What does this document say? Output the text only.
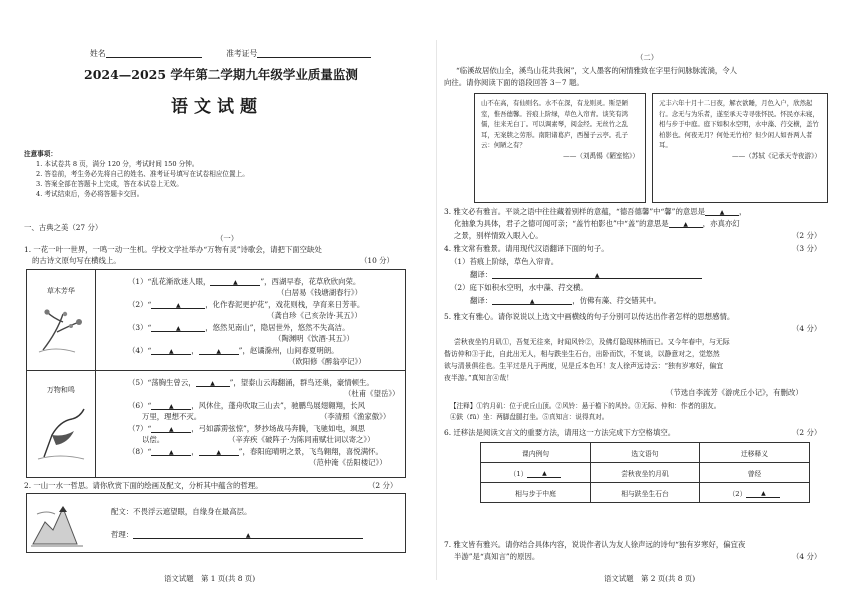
姓名	准考证号
2024—2025 学年第二学期九年级学业质量监测
语文试题
注意事项：
1. 本试卷共 8 页，满分 120 分，考试时间 150 分钟。
2. 答卷前，考生务必先将自己的姓名、准考证号填写在试卷相应位置上。
3. 答案全部在答题卡上完成，答在本试卷上无效。
4. 考试结束后，务必将答题卡交回。
一、古典之美（27 分）
（一）
1. 一花一叶一世界，一鸣一动一生机。学校文学社举办“万物有灵”诗歌会，请把下面空缺处
的古诗文原句写在横线上。	（10 分）
草木芳华	

万物和鸣	

（1）“乱花渐欲迷人眼，	▲	”，西湖早春，花草欣欣向荣。
（白居易《钱塘湖春行》）
（2）“	▲	，化作春泥更护花”，戏花则栈，孕育来日芳菲。
（龚自珍《己亥杂诗·其五》）
（3）“	▲	，悠然见南山”，隐居世外，悠然不失高洁。
（陶渊明《饮酒·其五》）
（4）“	▲ ，	▲ ”，赵谲滁州，山间春夏明朗。
（欧阳修《醉翁亭记》）
（5）“荡胸生曾云， ▲ ”，望泰山云海翻涌，群鸟还巢，豪情顿生。
（杜甫《望岳》）
（6）“	▲ ，风休住，蓬舟吹取三山去”，驰鹏鸟展翅翱翔，长风
万里，理想不灭。	（李清照《渔家傲》）
（7）“	▲ ，弓如霹雳弦惊”，梦抄场战马奔腾，飞驰如电，飒思
以偿。	（辛弃疾《破阵子·为陈同甫赋壮词以寄之》）
（8）“	▲ ，	▲ ”，春阳庭晴明之景，飞鸟翱翔，喜悦满怀。
（范仲淹《岳阳楼记》）
2. 一山一水一哲思。请你欣赏下面的绘画及配文，分析其中蕴含的哲理。	（2 分）
配文：不畏浮云遮望眼，自缘身在最高层。
哲理：	▲
语文试题　第 1 页(共 8 页)
（二）
“临溪故居依山全，溪鸟山花共我闲”，文人墨客的闲情雅致在字里行间脉脉流淌，令人
向往。请你阅读下面的语段回答 3－7 题。
山不在高，有仙则名。水不在深，有龙则灵。斯是陋室，惟吾德馨。苔痕上阶绿，草色入帘青。谈笑有鸿儒，往来无白丁。可以调素琴，阅金经。无丝竹之乱耳，无案牍之劳形。南阳诸葛庐，西蜀子云亭。孔子云：何陋之有？
——（刘禹锡《陋室铭》）
元丰六年十月十二日夜，解衣欲睡，月色入户，欣然起行。念无与为乐者，遂至承天寺寻张怀民。怀民亦未寝，相与步于中庭。庭下如积水空明，水中藻、荇交横，盖竹柏影也。何夜无月？何处无竹柏？但少闲人如吾两人者耳。
——（苏轼《记承天寺夜游》）
3. 雅文必有雅言。平谈之语中往往藏着别样的意蕴，“德吾德馨”中“馨”的意思是 ▲ ，
化抽象为具体，君子之德可闻可亲；“盖竹柏影也”中“盖”的意思是 ▲ ，亦真亦幻
之景，别样情致入眼入心。	（2 分）
4. 雅文常有雅景。请用现代汉语翻译下面的句子。	（3 分）
（1）苔痕上阶绿，草色入帘青。
翻译：	▲
（2）庭下如积水空明，水中藻、荇交横。
翻译：	▲	，仿佛有藻、荇交错其中。
5. 雅文有雅心。请你说说以上选文中画横线的句子分别可以传达出作者怎样的思想感情。
（4 分）
尝秋夜坐钓月矶①，吾复无往来，时闻风铃②，及佛灯隐现林梢而已。又今年春中，与无际
偕访仲和③于此，自此出无人，相与跌坐生石台，出卧而饮，不复谈，以静意对之，觉悠然
欲与清景俱往也。生平过是凡于两度，见是丘本色耳！友人徐声远诗云：“独有岁寒好，偏宜
夜半游。”真知言④哉！
（节选自李流芳《游虎丘小记》，有删改）
【注释】①钓月矶：位于虎丘山顶。②风铃：悬于檐下的风铃。③无际、仲和：作者的朋友。
④趺（fū）坐：两脚盘腿打坐。⑤真知言：说得真对。
6. 迁移法是阅读文言文的重要方法，请用这一方法完成下方空格填空。	（2 分）
课内例句	选文语句	迁移释义
（1） ▲	尝秋夜坐钓月矶	曾经
相与步于中庭	相与趺坐生石台	（2） ▲
7. 雅文皆有雅兴。请你结合具体内容，说说作者认为友人徐声远的诗句“独有岁寒好，偏宜夜
半游”是“真知言”的原因。	（4 分）
语文试题　第 2 页(共 8 页)
